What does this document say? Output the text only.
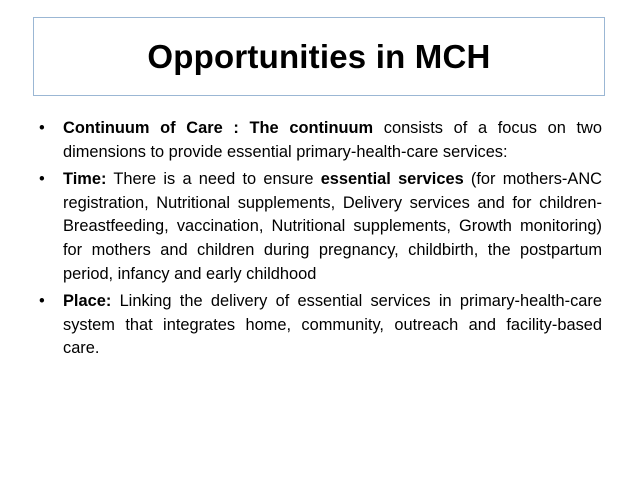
Opportunities in MCH
• Continuum of Care : The continuum consists of a focus on two dimensions to provide essential primary-health-care services:
• Time: There is a need to ensure essential services (for mothers-ANC registration, Nutritional supplements, Delivery services and for children-Breastfeeding, vaccination, Nutritional supplements, Growth monitoring) for mothers and children during pregnancy, childbirth, the postpartum period, infancy and early childhood
• Place: Linking the delivery of essential services in primary-health-care system that integrates home, community, outreach and facility-based care.
